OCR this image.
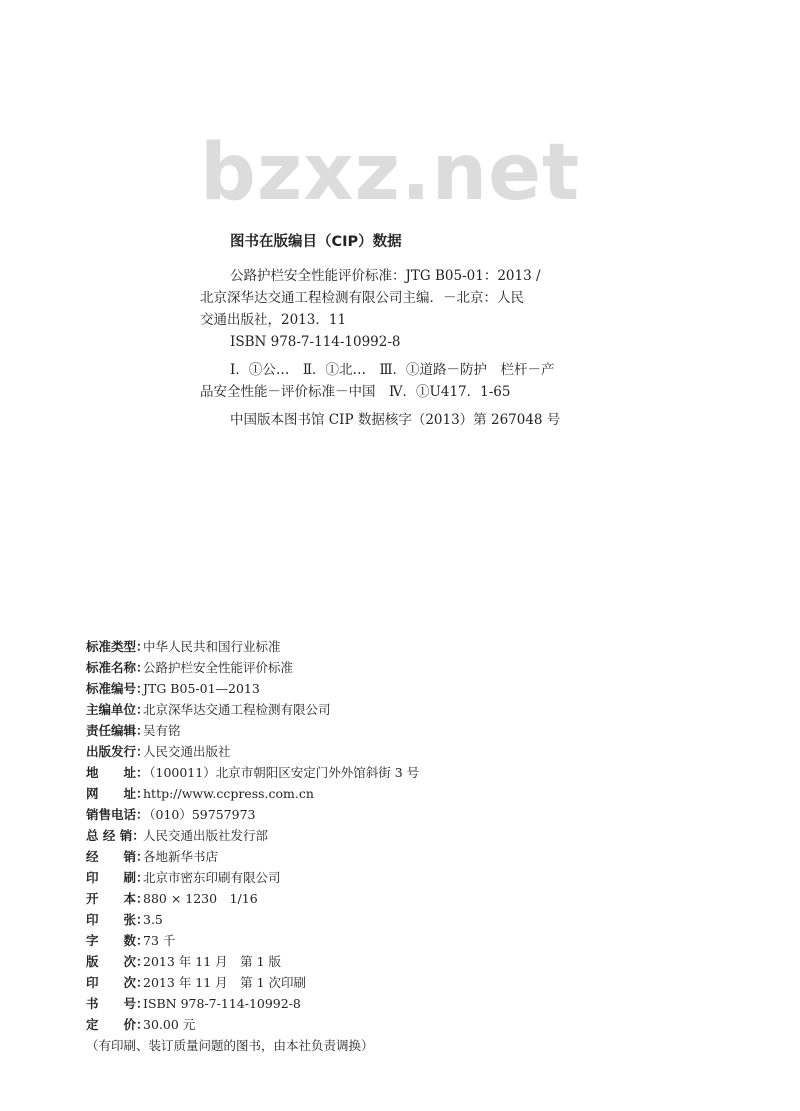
bzxz.net
图书在版编目（CIP）数据
公路护栏安全性能评价标准：JTG B05-01：2013 /
北京深华达交通工程检测有限公司主编．－北京：人民
交通出版社，2013．11
ISBN 978-7-114-10992-8
Ⅰ．①公…　Ⅱ．①北…　Ⅲ．①道路－防护　栏杆－产
品安全性能－评价标准－中国　Ⅳ．①U417．1-65
中国版本图书馆 CIP 数据核字（2013）第 267048 号
标准类型：中华人民共和国行业标准
标准名称：公路护栏安全性能评价标准
标准编号：JTG B05-01—2013
主编单位：北京深华达交通工程检测有限公司
责任编辑：吴有铭
出版发行：人民交通出版社
地　　址：（100011）北京市朝阳区安定门外外馆斜街 3 号
网　　址：http://www.ccpress.com.cn
销售电话：（010）59757973
总 经 销：人民交通出版社发行部
经　　销：各地新华书店
印　　刷：北京市密东印刷有限公司
开　　本：880 × 1230　1/16
印　　张：3.5
字　　数：73 千
版　　次：2013 年 11 月　第 1 版
印　　次：2013 年 11 月　第 1 次印刷
书　　号：ISBN 978-7-114-10992-8
定　　价：30.00 元
（有印刷、装订质量问题的图书，由本社负责调换）
